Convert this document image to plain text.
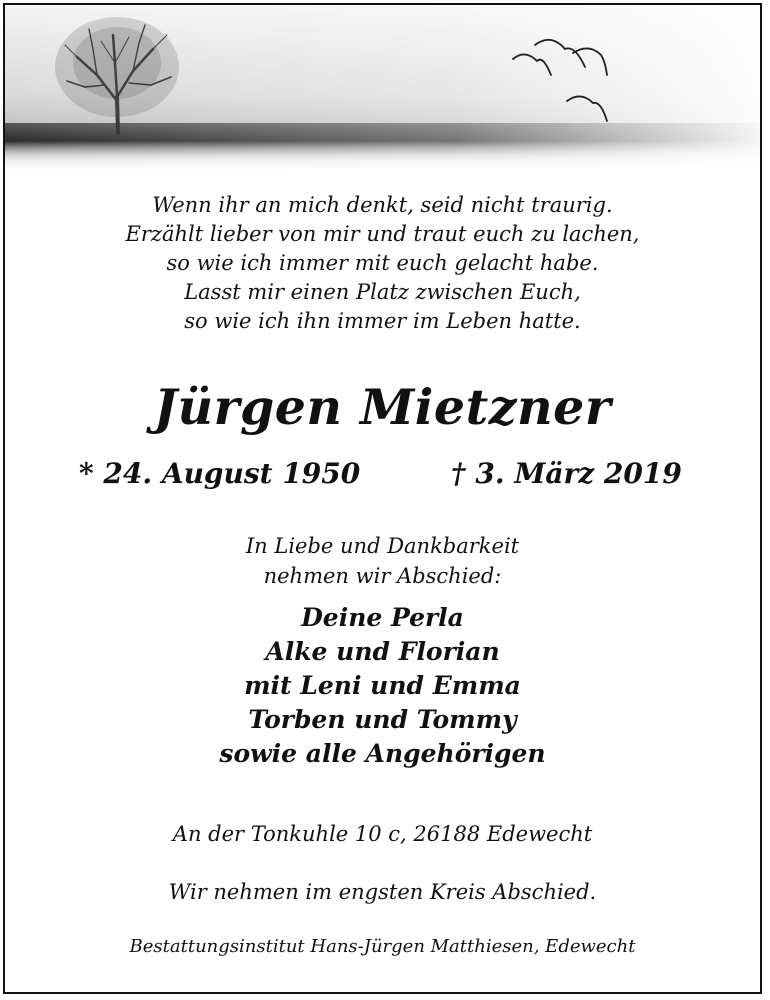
Wenn ihr an mich denkt, seid nicht traurig.
Erzählt lieber von mir und traut euch zu lachen,
so wie ich immer mit euch gelacht habe.
Lasst mir einen Platz zwischen Euch,
so wie ich ihn immer im Leben hatte.
Jürgen Mietzner
* 24. August 1950	† 3. März 2019
In Liebe und Dankbarkeit
nehmen wir Abschied:
Deine Perla
Alke und Florian
mit Leni und Emma
Torben und Tommy
sowie alle Angehörigen
An der Tonkuhle 10 c, 26188 Edewecht
Wir nehmen im engsten Kreis Abschied.
Bestattungsinstitut Hans-Jürgen Matthiesen, Edewecht
